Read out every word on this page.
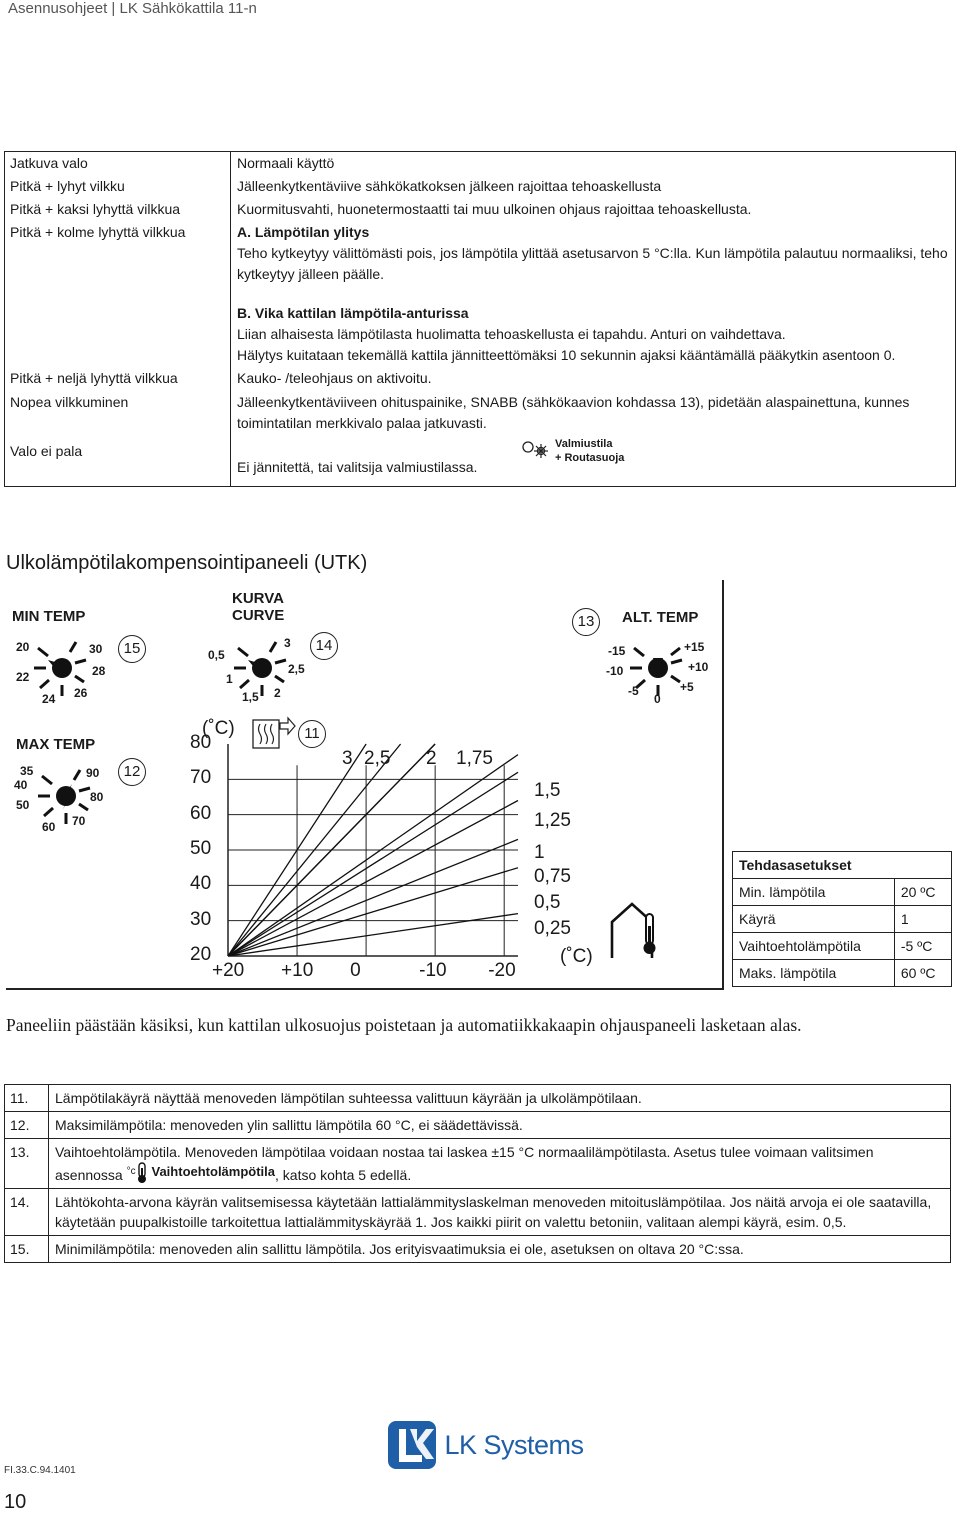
Asennusohjeet | LK Sähkökattila 11-n
Jatkuva valo	Normaali käyttö
Pitkä + lyhyt vilkku	Jälleenkytkentäviive sähkökatkoksen jälkeen rajoittaa tehoaskellusta
Pitkä + kaksi lyhyttä vilkkua	Kuormitusvahti, huonetermostaatti tai muu ulkoinen ohjaus rajoittaa tehoaskellusta.
Pitkä + kolme lyhyttä vilkkua	A. Lämpötilan ylitys
Teho kytkeytyy välittömästi pois, jos lämpötila ylittää asetusarvon 5 °C:lla. Kun lämpötila palautuu normaaliksi, teho kytkeytyy jälleen päälle.
B. Vika kattilan lämpötila-anturissa
Liian alhaisesta lämpötilasta huolimatta tehoaskellusta ei tapahdu. Anturi on vaihdettava.
Hälytys kuitataan tekemällä kattila jännitteettömäksi 10 sekunnin ajaksi kääntämällä pääkytkin asentoon 0.

Pitkä + neljä lyhyttä vilkkua	Kauko- /teleohjaus on aktivoitu.
Nopea vilkkuminen	Jälleenkytkentäviiveen ohituspainike, SNABB (sähkökaavion kohdassa 13), pidetään alaspainettuna, kunnes toimintatilan merkkivalo palaa jatkuvasti.
Valo ei pala	Ei jännitettä, tai valitsija valmiustilassa.
Valmiustila
+ Routasuoja
Ulkolämpötilakompensointipaneeli (UTK)
MIN TEMP
20	30
22	28
24 26
15
KURVA
CURVE
3
0,5
2,5
1
1,5 2
14
13	ALT. TEMP
-15	+15
-10	+10
-5
0
+5
MAX TEMP
35	90
40
80
50
60 70
12
(˚C)	11
80
70
60
50
40
30
20
+20 +10 0	-10 -20
3 2,5 2 1,75
1,5
1,25
1
0,75
0,5
0,25
(˚C)
Tehdasasetukset	
Min. lämpötila	20 ºC
Käyrä	1
Vaihtoehtolämpötila	-5 ºC
Maks. lämpötila	60 ºC
Paneeliin päästään käsiksi, kun kattilan ulkosuojus poistetaan ja automatiikkakaapin ohjauspaneeli lasketaan alas.
11.	Lämpötilakäyrä näyttää menoveden lämpötilan suhteessa valittuun käyrään ja ulkolämpötilaan.
12.	Maksimilämpötila: menoveden ylin sallittu lämpötila 60 °C, ei säädettävissä.
13.	Vaihtoehtolämpötila. Menoveden lämpötilaa voidaan nostaa tai laskea ±15 °C normaalilämpötilasta. Asetus tulee voimaan valitsimen asennossa $^{^\circ c}$ Vaihtoehtolämpötila, katso kohta 5 edellä.
14.	Lähtökohta-arvona käyrän valitsemisessa käytetään lattialämmityslaskelman menoveden mitoituslämpötilaa. Jos näitä arvoja ei ole saatavilla, käytetään puupalkistoille tarkoitettua lattialämmityskäyrää 1. Jos kaikki piirit on valettu betoniin, valitaan alempi käyrä, esim. 0,5.
15.	Minimilämpötila: menoveden alin sallittu lämpötila. Jos erityisvaatimuksia ei ole, asetuksen on oltava 20 °C:ssa.
LK Systems
FI.33.C.94.1401
10
